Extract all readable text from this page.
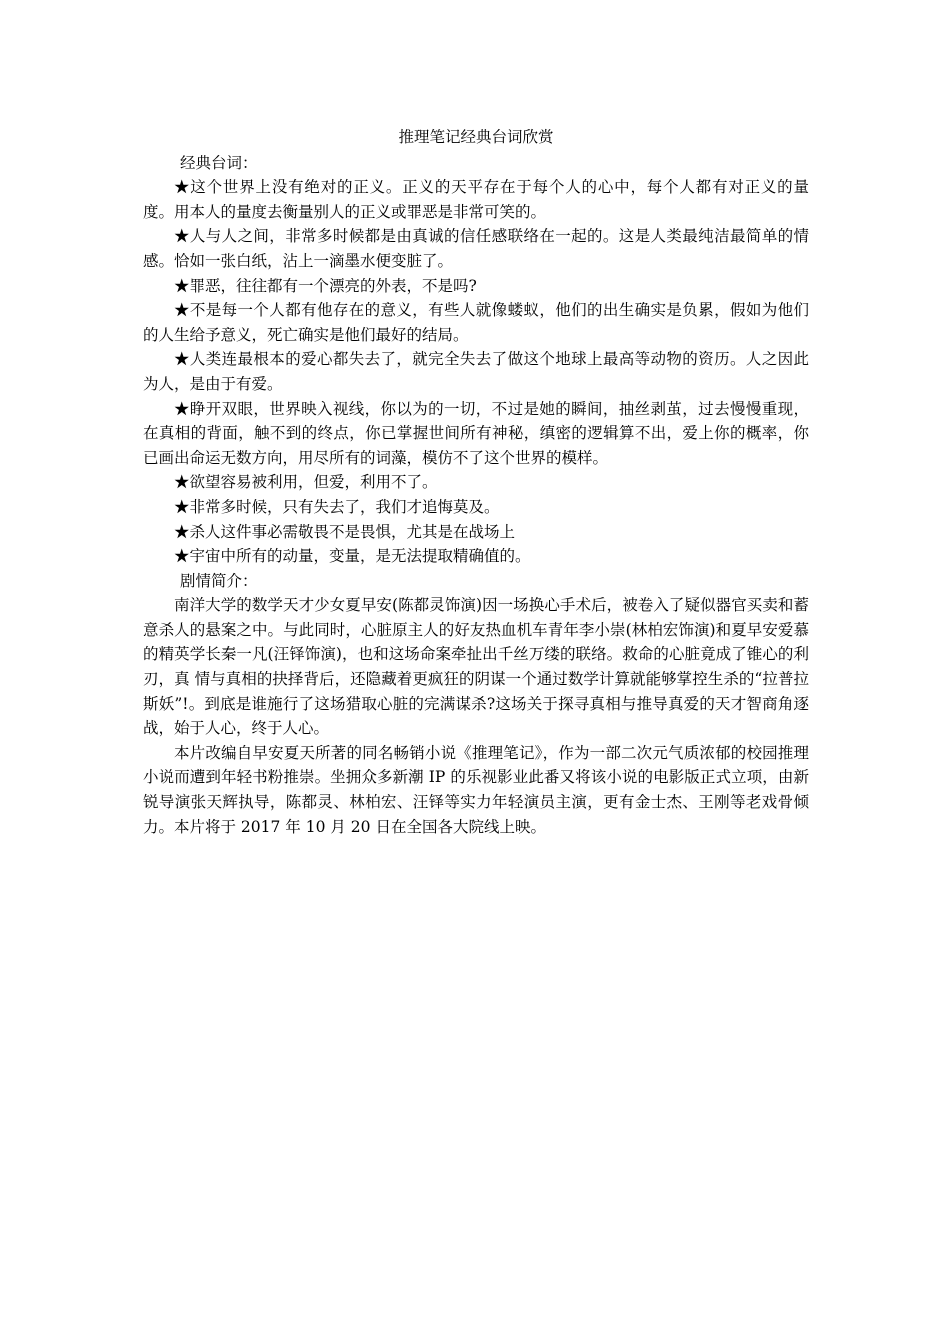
推理笔记经典台词欣赏

经典台词：

★这个世界上没有绝对的正义。正义的天平存在于每个人的心中，每个人都有对正义的量度。用本人的量度去衡量别人的正义或罪恶是非常可笑的。

★人与人之间，非常多时候都是由真诚的信任感联络在一起的。这是人类最纯洁最简单的情感。恰如一张白纸，沾上一滴墨水便变脏了。

★罪恶，往往都有一个漂亮的外表，不是吗?

★不是每一个人都有他存在的意义，有些人就像蝼蚁，他们的出生确实是负累，假如为他们的人生给予意义，死亡确实是他们最好的结局。

★人类连最根本的爱心都失去了，就完全失去了做这个地球上最高等动物的资历。人之因此为人，是由于有爱。

★睁开双眼，世界映入视线，你以为的一切，不过是她的瞬间，抽丝剥茧，过去慢慢重现，在真相的背面，触不到的终点，你已掌握世间所有神秘，缜密的逻辑算不出，爱上你的概率，你已画出命运无数方向，用尽所有的词藻，模仿不了这个世界的模样。

★欲望容易被利用，但爱，利用不了。

★非常多时候，只有失去了，我们才追悔莫及。

★杀人这件事必需敬畏不是畏惧，尤其是在战场上

★宇宙中所有的动量，变量，是无法提取精确值的。

剧情简介：

南洋大学的数学天才少女夏早安(陈都灵饰演)因一场换心手术后，被卷入了疑似器官买卖和蓄意杀人的悬案之中。与此同时，心脏原主人的好友热血机车青年李小崇(林柏宏饰演)和夏早安爱慕的精英学长秦一凡(汪铎饰演)，也和这场命案牵扯出千丝万缕的联络。救命的心脏竟成了锥心的利刃，真 情与真相的抉择背后，还隐藏着更疯狂的阴谋一个通过数学计算就能够掌控生杀的“拉普拉斯妖”!。到底是谁施行了这场猎取心脏的完满谋杀?这场关于探寻真相与推导真爱的天才智商角逐战，始于人心，终于人心。

本片改编自早安夏天所著的同名畅销小说《推理笔记》，作为一部二次元气质浓郁的校园推理小说而遭到年轻书粉推崇。坐拥众多新潮 IP 的乐视影业此番又将该小说的电影版正式立项，由新锐导演张天辉执导，陈都灵、林柏宏、汪铎等实力年轻演员主演，更有金士杰、王刚等老戏骨倾力。本片将于 2017 年 10 月 20 日在全国各大院线上映。
